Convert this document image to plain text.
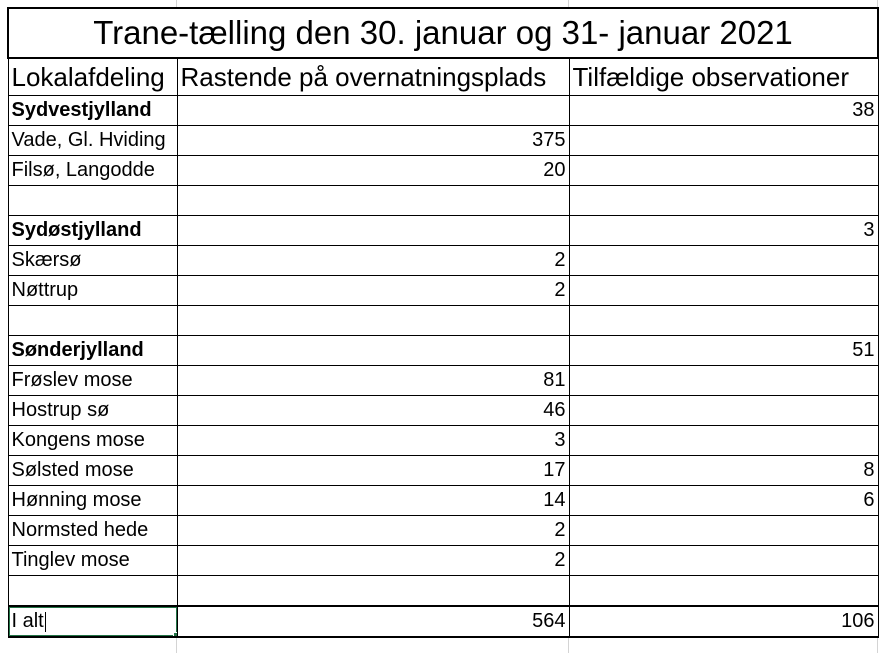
Trane-tælling den 30. januar og 31- januar 2021		
Lokalafdeling	Rastende på overnatningsplads	Tilfældige observationer
Sydvestjylland		38
Vade, Gl. Hviding	375	
Filsø, Langodde	20	

Sydøstjylland		3
Skærsø	2	
Nøttrup	2	

Sønderjylland		51
Frøslev mose	81	
Hostrup sø	46	
Kongens mose	3	
Sølsted mose	17	8
Hønning mose	14	6
Normsted hede	2	
Tinglev mose	2	

I alt	564	106
